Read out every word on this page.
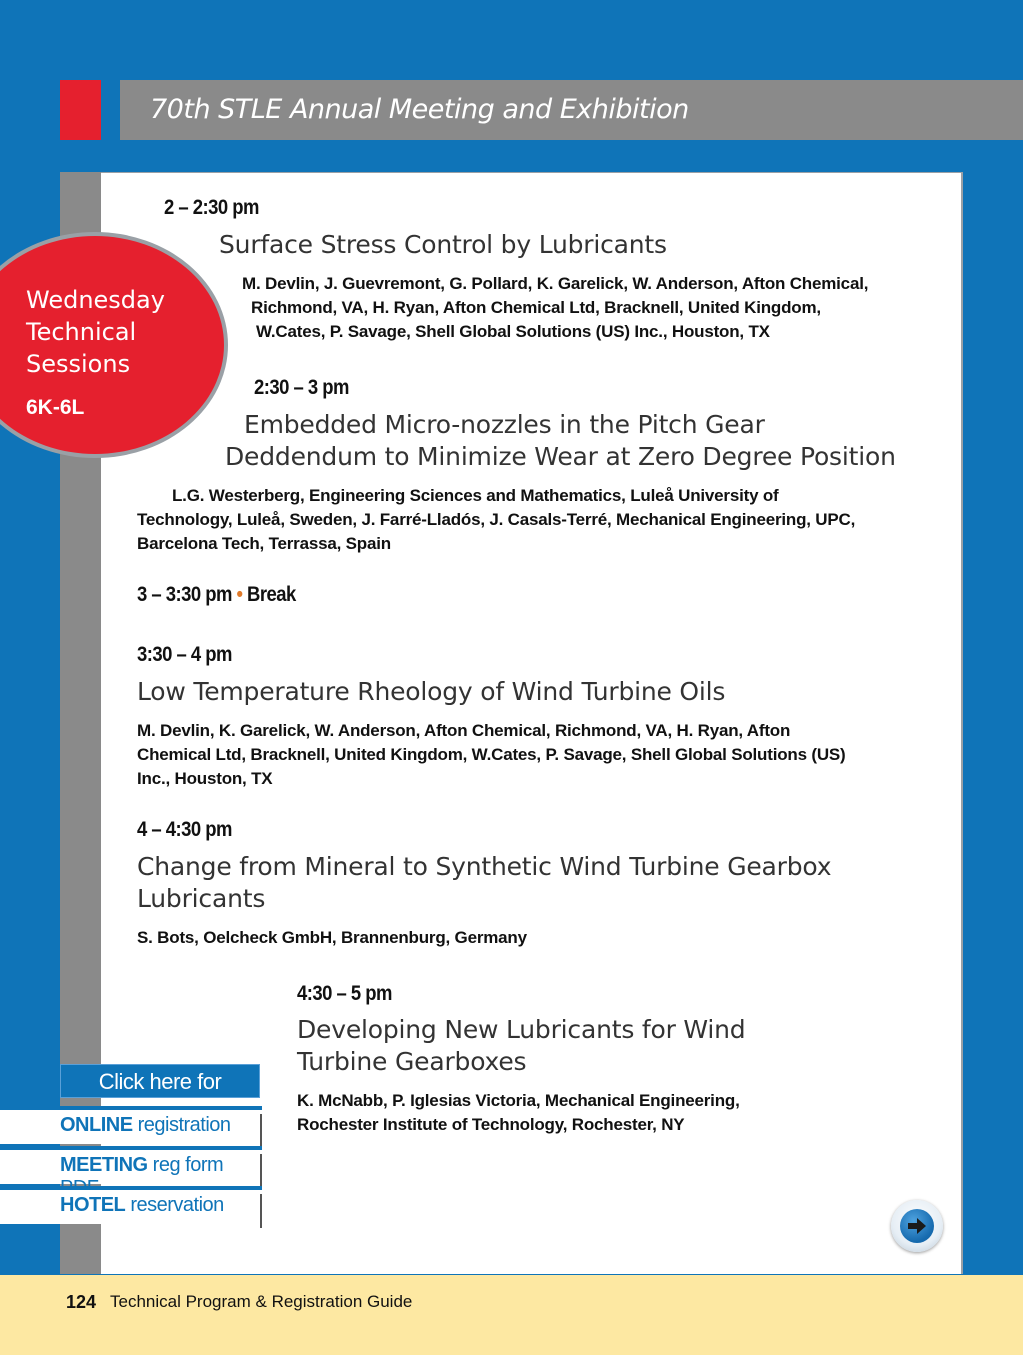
70th STLE Annual Meeting and Exhibition
2 – 2:30 pm
Surface Stress Control by Lubricants
M. Devlin, J. Guevremont, G. Pollard, K. Garelick, W. Anderson, Afton Chemical,
Richmond, VA, H. Ryan, Afton Chemical Ltd, Bracknell, United Kingdom,
W.Cates, P. Savage, Shell Global Solutions (US) Inc., Houston, TX
2:30 – 3 pm
Embedded Micro-nozzles in the Pitch Gear
Deddendum to Minimize Wear at Zero Degree Position
L.G. Westerberg, Engineering Sciences and Mathematics, Luleå University of
Technology, Luleå, Sweden, J. Farré-Lladós, J. Casals-Terré, Mechanical Engineering, UPC,
Barcelona Tech, Terrassa, Spain
3 – 3:30 pm • Break
3:30 – 4 pm
Low Temperature Rheology of Wind Turbine Oils
M. Devlin, K. Garelick, W. Anderson, Afton Chemical, Richmond, VA, H. Ryan, Afton
Chemical Ltd, Bracknell, United Kingdom, W.Cates, P. Savage, Shell Global Solutions (US)
Inc., Houston, TX
4 – 4:30 pm
Change from Mineral to Synthetic Wind Turbine Gearbox
Lubricants
S. Bots, Oelcheck GmbH, Brannenburg, Germany
4:30 – 5 pm
Developing New Lubricants for Wind
Turbine Gearboxes
K. McNabb, P. Iglesias Victoria, Mechanical Engineering,
Rochester Institute of Technology, Rochester, NY
Wednesday
Technical
Sessions
6K-6L
Click here for
ONLINE registration
MEETING reg form
HOTEL reservation
124 Technical Program & Registration Guide
